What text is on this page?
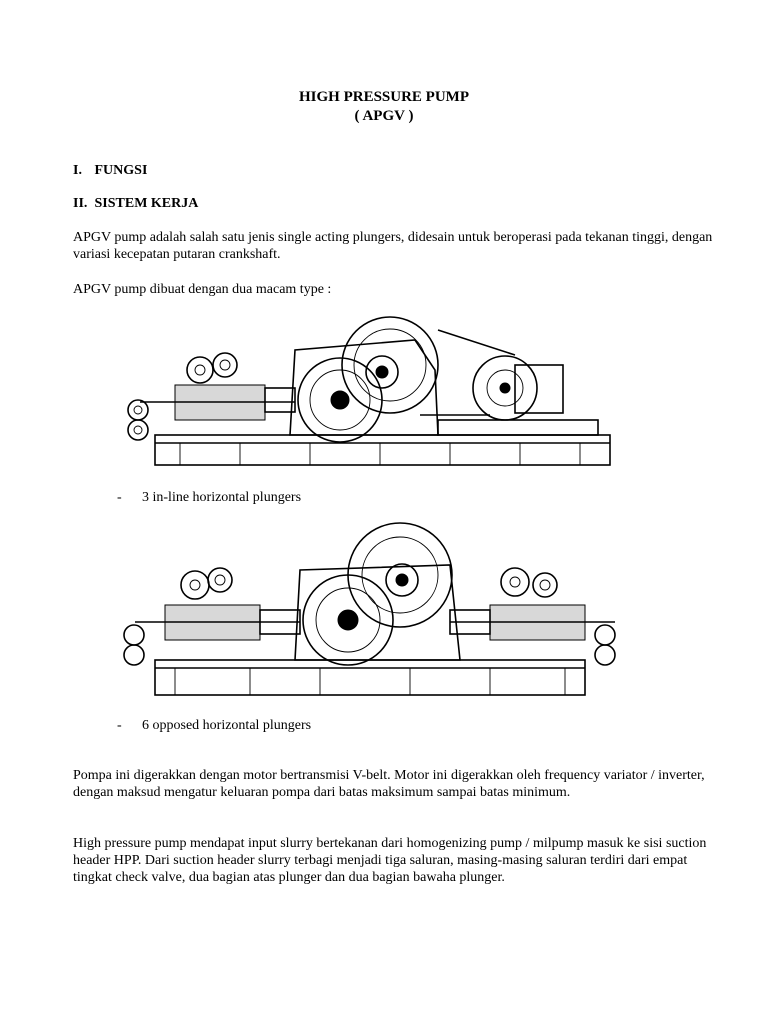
HIGH PRESSURE PUMP
( APGV )
I. FUNGSI
II. SISTEM KERJA
APGV pump adalah salah satu jenis single acting plungers, didesain untuk beroperasi pada tekanan tinggi, dengan variasi kecepatan putaran crankshaft.
APGV pump dibuat dengan dua macam type :
- 3 in-line horizontal plungers
- 6 opposed horizontal plungers
Pompa ini digerakkan dengan motor bertransmisi V-belt. Motor ini digerakkan oleh frequency variator / inverter, dengan maksud mengatur keluaran pompa dari batas maksimum sampai batas minimum.
High pressure pump mendapat input slurry bertekanan dari homogenizing pump / milpump masuk ke sisi suction header HPP. Dari suction header slurry terbagi menjadi tiga saluran, masing-masing saluran terdiri dari empat tingkat check valve, dua bagian atas plunger dan dua bagian bawaha plunger.
